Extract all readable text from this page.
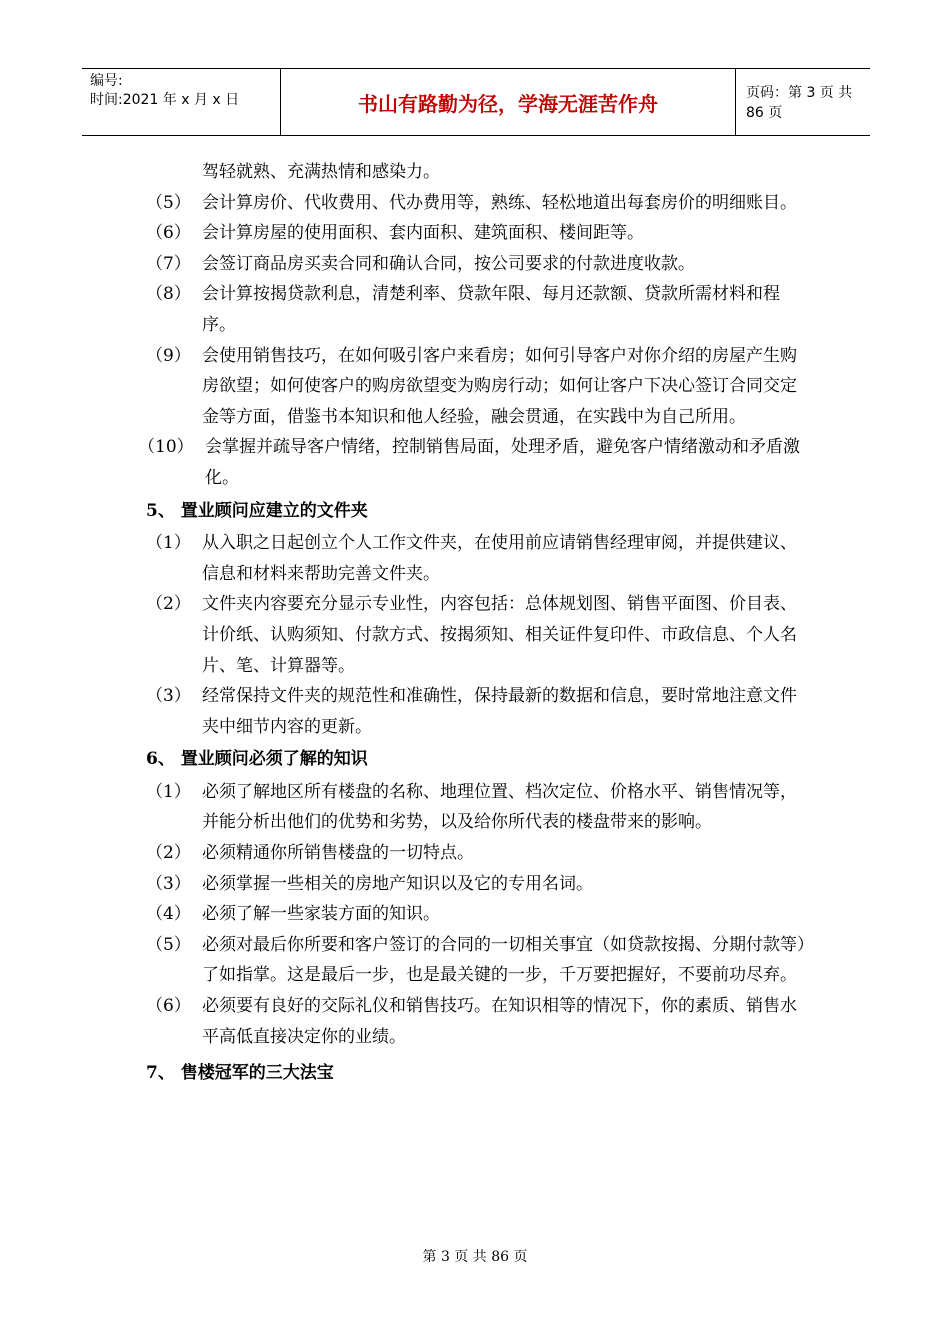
编号:
时间:2021 年 x 月 x 日	书山有路勤为径，学海无涯苦作舟	页码：第 3 页 共 86 页
驾轻就熟、充满热情和感染力。
（5） 会计算房价、代收费用、代办费用等，熟练、轻松地道出每套房价的明细账目。
（6） 会计算房屋的使用面积、套内面积、建筑面积、楼间距等。
（7） 会签订商品房买卖合同和确认合同，按公司要求的付款进度收款。
（8） 会计算按揭贷款利息，清楚利率、贷款年限、每月还款额、贷款所需材料和程序。
（9） 会使用销售技巧，在如何吸引客户来看房；如何引导客户对你介绍的房屋产生购房欲望；如何使客户的购房欲望变为购房行动；如何让客户下决心签订合同交定金等方面，借鉴书本知识和他人经验，融会贯通，在实践中为自己所用。
（10） 会掌握并疏导客户情绪，控制销售局面，处理矛盾，避免客户情绪激动和矛盾激化。
5、 置业顾问应建立的文件夹
（1） 从入职之日起创立个人工作文件夹，在使用前应请销售经理审阅，并提供建议、信息和材料来帮助完善文件夹。
（2） 文件夹内容要充分显示专业性，内容包括：总体规划图、销售平面图、价目表、计价纸、认购须知、付款方式、按揭须知、相关证件复印件、市政信息、个人名片、笔、计算器等。
（3） 经常保持文件夹的规范性和准确性，保持最新的数据和信息，要时常地注意文件夹中细节内容的更新。
6、 置业顾问必须了解的知识
（1） 必须了解地区所有楼盘的名称、地理位置、档次定位、价格水平、销售情况等，并能分析出他们的优势和劣势，以及给你所代表的楼盘带来的影响。
（2） 必须精通你所销售楼盘的一切特点。
（3） 必须掌握一些相关的房地产知识以及它的专用名词。
（4） 必须了解一些家装方面的知识。
（5） 必须对最后你所要和客户签订的合同的一切相关事宜（如贷款按揭、分期付款等）了如指掌。这是最后一步，也是最关键的一步，千万要把握好，不要前功尽弃。
（6） 必须要有良好的交际礼仪和销售技巧。在知识相等的情况下，你的素质、销售水平高低直接决定你的业绩。
7、 售楼冠军的三大法宝
第 3 页 共 86 页
